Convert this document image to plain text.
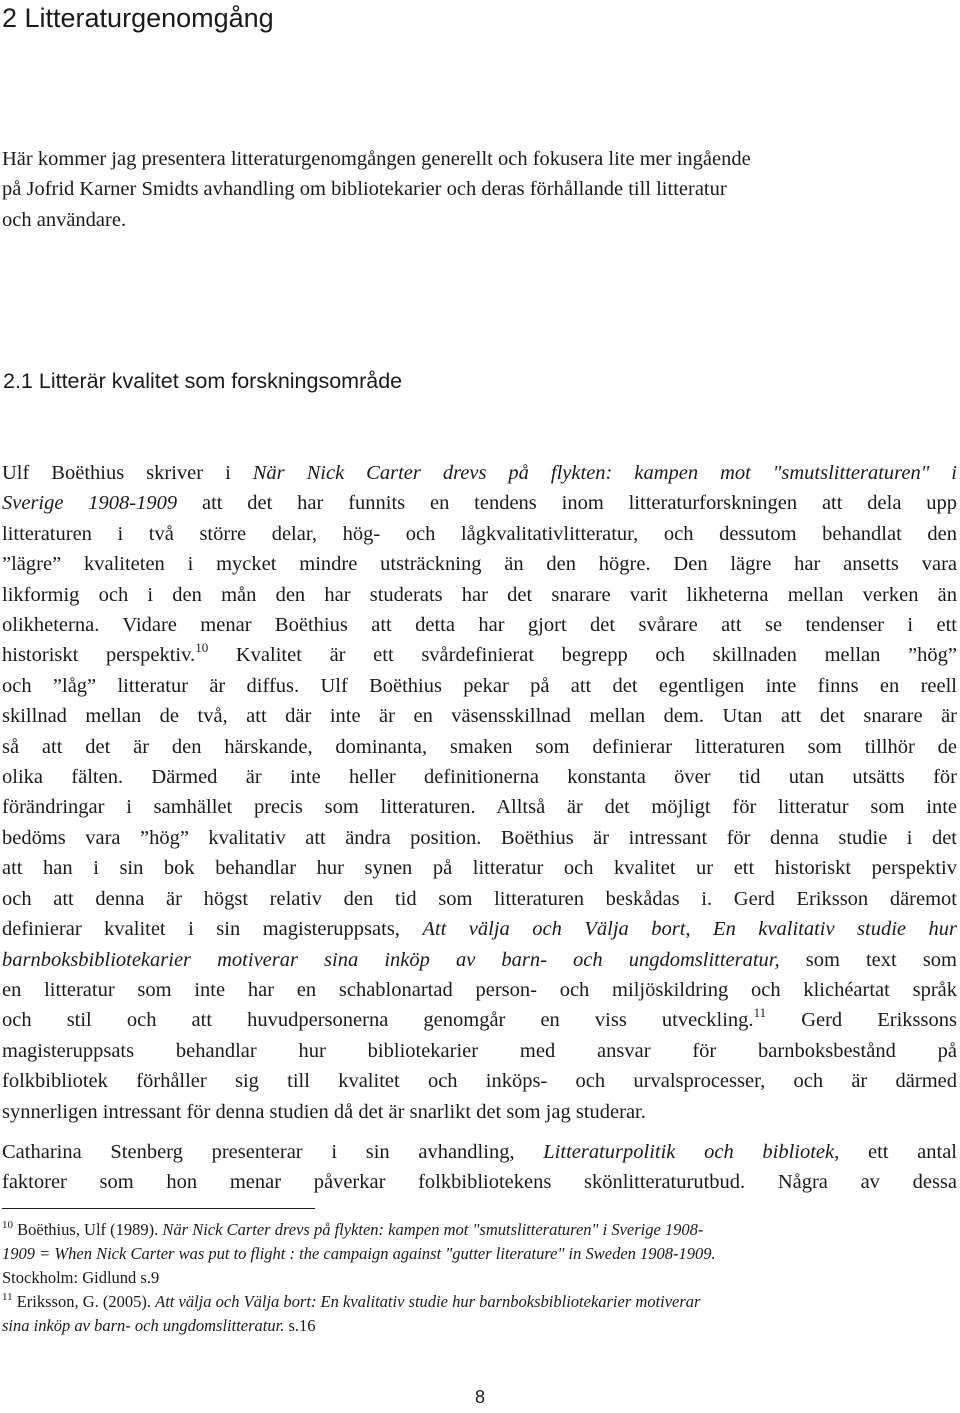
2 Litteraturgenomgång
Här kommer jag presentera litteraturgenomgången generellt och fokusera lite mer ingående
på Jofrid Karner Smidts avhandling om bibliotekarier och deras förhållande till litteratur
och användare.
2.1 Litterär kvalitet som forskningsområde
Ulf Boëthius skriver i När Nick Carter drevs på flykten: kampen mot "smutslitteraturen" i
Sverige 1908-1909 att det har funnits en tendens inom litteraturforskningen att dela upp
litteraturen i två större delar, hög- och lågkvalitativlitteratur, och dessutom behandlat den
”lägre” kvaliteten i mycket mindre utsträckning än den högre. Den lägre har ansetts vara
likformig och i den mån den har studerats har det snarare varit likheterna mellan verken än
olikheterna. Vidare menar Boëthius att detta har gjort det svårare att se tendenser i ett
historiskt perspektiv.$^{10}$ Kvalitet är ett svårdefinierat begrepp och skillnaden mellan ”hög”
och ”låg” litteratur är diffus. Ulf Boëthius pekar på att det egentligen inte finns en reell
skillnad mellan de två, att där inte är en väsensskillnad mellan dem. Utan att det snarare är
så att det är den härskande, dominanta, smaken som definierar litteraturen som tillhör de
olika fälten. Därmed är inte heller definitionerna konstanta över tid utan utsätts för
förändringar i samhället precis som litteraturen. Alltså är det möjligt för litteratur som inte
bedöms vara ”hög” kvalitativ att ändra position. Boëthius är intressant för denna studie i det
att han i sin bok behandlar hur synen på litteratur och kvalitet ur ett historiskt perspektiv
och att denna är högst relativ den tid som litteraturen beskådas i. Gerd Eriksson däremot
definierar kvalitet i sin magisteruppsats, Att välja och Välja bort, En kvalitativ studie hur
barnboksbibliotekarier motiverar sina inköp av barn- och ungdomslitteratur, som text som
en litteratur som inte har en schablonartad person- och miljöskildring och klichéartat språk
och stil och att huvudpersonerna genomgår en viss utveckling.$^{11}$ Gerd Erikssons
magisteruppsats behandlar hur bibliotekarier med ansvar för barnboksbestånd på
folkbibliotek förhåller sig till kvalitet och inköps- och urvalsprocesser, och är därmed
synnerligen intressant för denna studien då det är snarlikt det som jag studerar.
Catharina Stenberg presenterar i sin avhandling, Litteraturpolitik och bibliotek, ett antal
faktorer som hon menar påverkar folkbibliotekens skönlitteraturutbud. Några av dessa
$^{10}$ Boëthius, Ulf (1989). När Nick Carter drevs på flykten: kampen mot "smutslitteraturen" i Sverige 1908-
1909 = When Nick Carter was put to flight : the campaign against "gutter literature" in Sweden 1908-1909.
Stockholm: Gidlund s.9
$^{11}$ Eriksson, G. (2005). Att välja och Välja bort: En kvalitativ studie hur barnboksbibliotekarier motiverar
sina inköp av barn- och ungdomslitteratur. s.16
8
